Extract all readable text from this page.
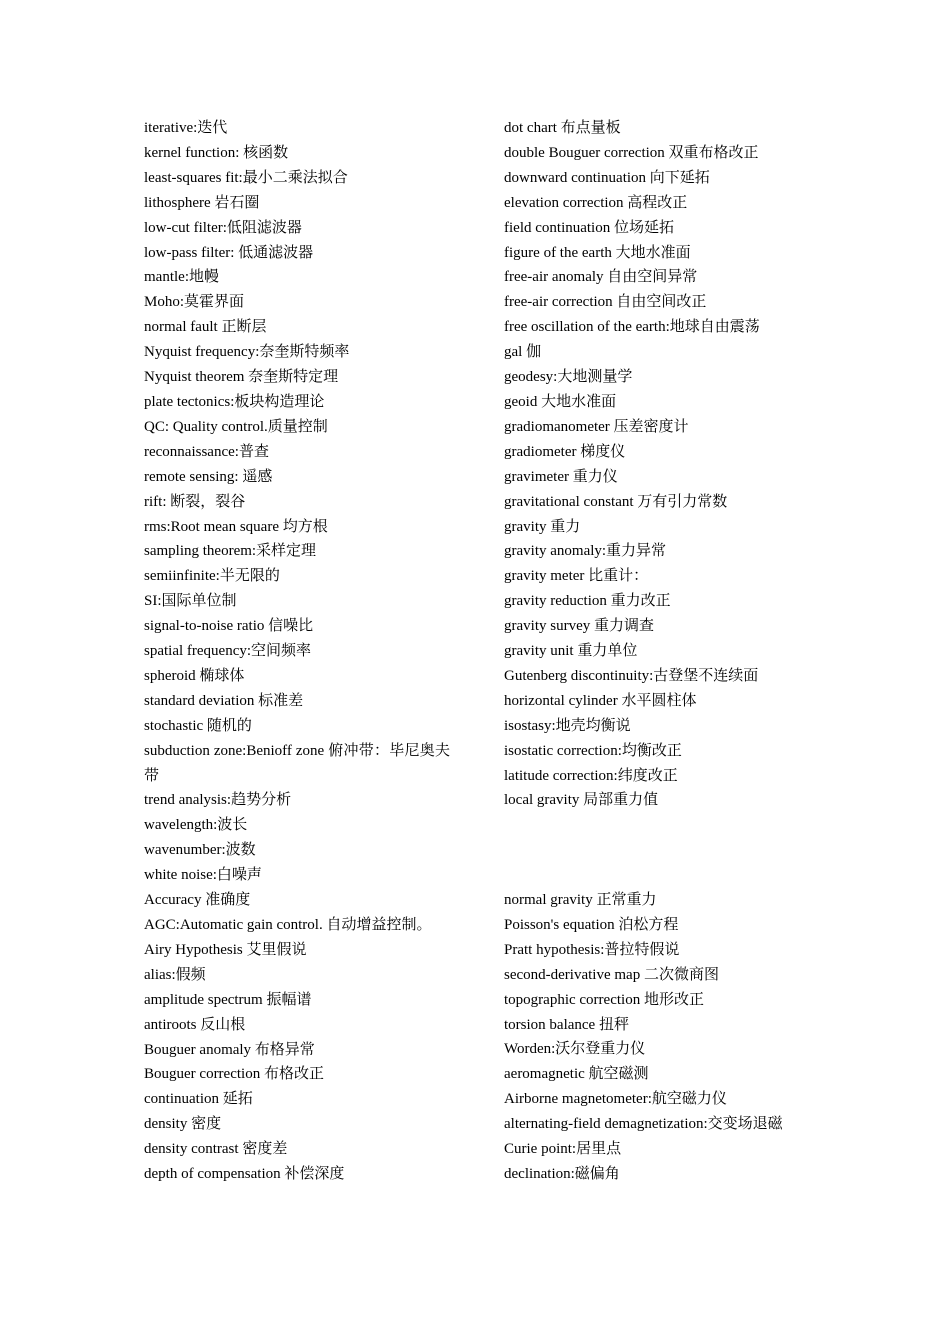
iterative:迭代

kernel function: 核函数

least-squares fit:最小二乘法拟合

lithosphere 岩石圈

low-cut filter:低阻滤波器

low-pass filter: 低通滤波器

mantle:地幔

Moho:莫霍界面

normal fault 正断层

Nyquist frequency:奈奎斯特频率

Nyquist theorem 奈奎斯特定理

plate tectonics:板块构造理论

QC: Quality control.质量控制

reconnaissance:普查

remote sensing: 遥感

rift: 断裂，裂谷

rms:Root mean square 均方根

sampling theorem:采样定理

semiinfinite:半无限的

SI:国际单位制

signal-to-noise ratio 信噪比

spatial frequency:空间频率

spheroid 椭球体

standard deviation 标准差

stochastic 随机的

subduction zone:Benioff zone 俯冲带：毕尼奥夫带

trend analysis:趋势分析

wavelength:波长

wavenumber:波数

white noise:白噪声

Accuracy 准确度

AGC:Automatic gain control. 自动增益控制。

Airy Hypothesis 艾里假说

alias:假频

amplitude spectrum 振幅谱

antiroots 反山根

Bouguer anomaly 布格异常

Bouguer correction 布格改正

continuation 延拓

density 密度

density contrast 密度差

depth of compensation 补偿深度

dot chart 布点量板

double Bouguer correction 双重布格改正

downward continuation 向下延拓

elevation correction 高程改正

field continuation 位场延拓

figure of the earth 大地水准面

free-air anomaly 自由空间异常

free-air correction 自由空间改正

free oscillation of the earth:地球自由震荡

gal 伽

geodesy:大地测量学

geoid 大地水准面

gradiomanometer 压差密度计

gradiometer 梯度仪

gravimeter 重力仪

gravitational constant 万有引力常数

gravity 重力

gravity anomaly:重力异常

gravity meter 比重计：

gravity reduction 重力改正

gravity survey 重力调查

gravity unit 重力单位

Gutenberg discontinuity:古登堡不连续面

horizontal cylinder 水平圆柱体

isostasy:地壳均衡说

isostatic correction:均衡改正

latitude correction:纬度改正

local gravity 局部重力值

normal gravity 正常重力

Poisson's equation 泊松方程

Pratt hypothesis:普拉特假说

second-derivative map 二次微商图

topographic correction 地形改正

torsion balance 扭秤

Worden:沃尔登重力仪

aeromagnetic 航空磁测

Airborne magnetometer:航空磁力仪

alternating-field demagnetization:交变场退磁

Curie point:居里点

declination:磁偏角
